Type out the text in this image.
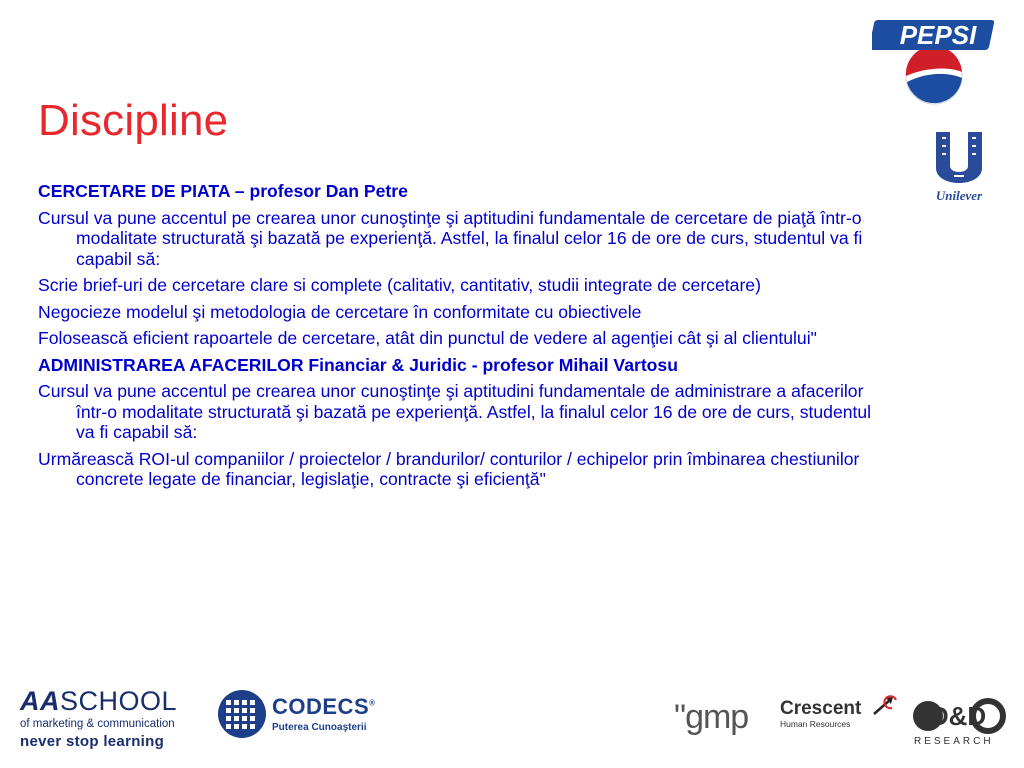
Discipline
CERCETARE DE PIATA – profesor Dan Petre
Cursul va pune accentul pe crearea unor cunoştinţe şi aptitudini fundamentale de cercetare de piaţă într-o modalitate structurată şi bazată pe experienţă. Astfel, la finalul celor 16 de ore de curs, studentul va fi capabil să:
Scrie brief-uri de cercetare clare si complete (calitativ, cantitativ, studii integrate de cercetare)
Negocieze modelul şi metodologia de cercetare în conformitate cu obiectivele
Folosească eficient rapoartele de cercetare, atât din punctul de vedere al agenţiei cât şi al clientului"
ADMINISTRAREA AFACERILOR Financiar & Juridic - profesor Mihail Vartosu
Cursul va pune accentul pe crearea unor cunoştinţe şi aptitudini fundamentale de administrare a afacerilor într-o modalitate structurată şi bazată pe experienţă. Astfel, la finalul celor 16 de ore de curs, studentul va fi capabil să:
Urmărească ROI-ul companiilor / proiectelor / brandurilor/ conturilor / echipelor prin îmbinarea chestiunilor concrete legate de financiar, legislaţie, contracte şi eficienţă"
PEPSI
Unilever
AASCHOOL
of marketing & communication
never stop learning
CODECS®
Puterea Cunoaşterii	"gmp	Crescent
Human Resources	D&D
RESEARCH
